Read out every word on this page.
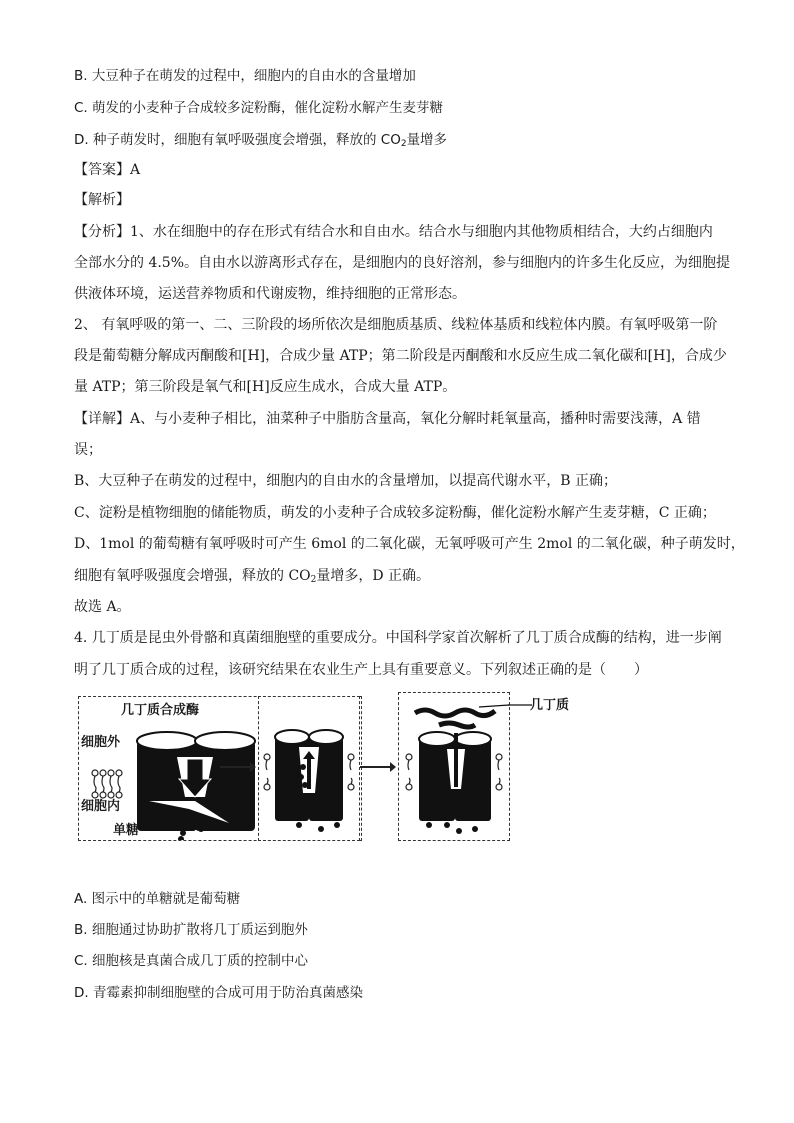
B. 大豆种子在萌发的过程中，细胞内的自由水的含量增加
C. 萌发的小麦种子合成较多淀粉酶，催化淀粉水解产生麦芽糖
D. 种子萌发时，细胞有氧呼吸强度会增强，释放的 $CO_2$量增多
【答案】A
【解析】
【分析】1、水在细胞中的存在形式有结合水和自由水。结合水与细胞内其他物质相结合，大约占细胞内
全部水分的 4.5%。自由水以游离形式存在，是细胞内的良好溶剂，参与细胞内的许多生化反应，为细胞提
供液体环境，运送营养物质和代谢废物，维持细胞的正常形态。
2、 有氧呼吸的第一、二、三阶段的场所依次是细胞质基质、线粒体基质和线粒体内膜。有氧呼吸第一阶
段是葡萄糖分解成丙酮酸和[H]，合成少量 ATP；第二阶段是丙酮酸和水反应生成二氧化碳和[H]，合成少
量 ATP；第三阶段是氧气和[H]反应生成水，合成大量 ATP。
【详解】A、与小麦种子相比，油菜种子中脂肪含量高，氧化分解时耗氧量高，播种时需要浅薄，A 错
误；
B、大豆种子在萌发的过程中，细胞内的自由水的含量增加，以提高代谢水平，B 正确；
C、淀粉是植物细胞的储能物质，萌发的小麦种子合成较多淀粉酶，催化淀粉水解产生麦芽糖，C 正确；
D、1mol 的葡萄糖有氧呼吸时可产生 6mol 的二氧化碳，无氧呼吸可产生 2mol 的二氧化碳，种子萌发时，
细胞有氧呼吸强度会增强，释放的 $CO_2$量增多，D 正确。
故选 A。
4. 几丁质是昆虫外骨骼和真菌细胞壁的重要成分。中国科学家首次解析了几丁质合成酶的结构，进一步阐
明了几丁质合成的过程，该研究结果在农业生产上具有重要意义。下列叙述正确的是（　　）
几丁质合成酶
细胞外
细胞内
单糖
几丁质
A. 图示中的单糖就是葡萄糖
B. 细胞通过协助扩散将几丁质运到胞外
C. 细胞核是真菌合成几丁质的控制中心
D. 青霉素抑制细胞壁的合成可用于防治真菌感染
